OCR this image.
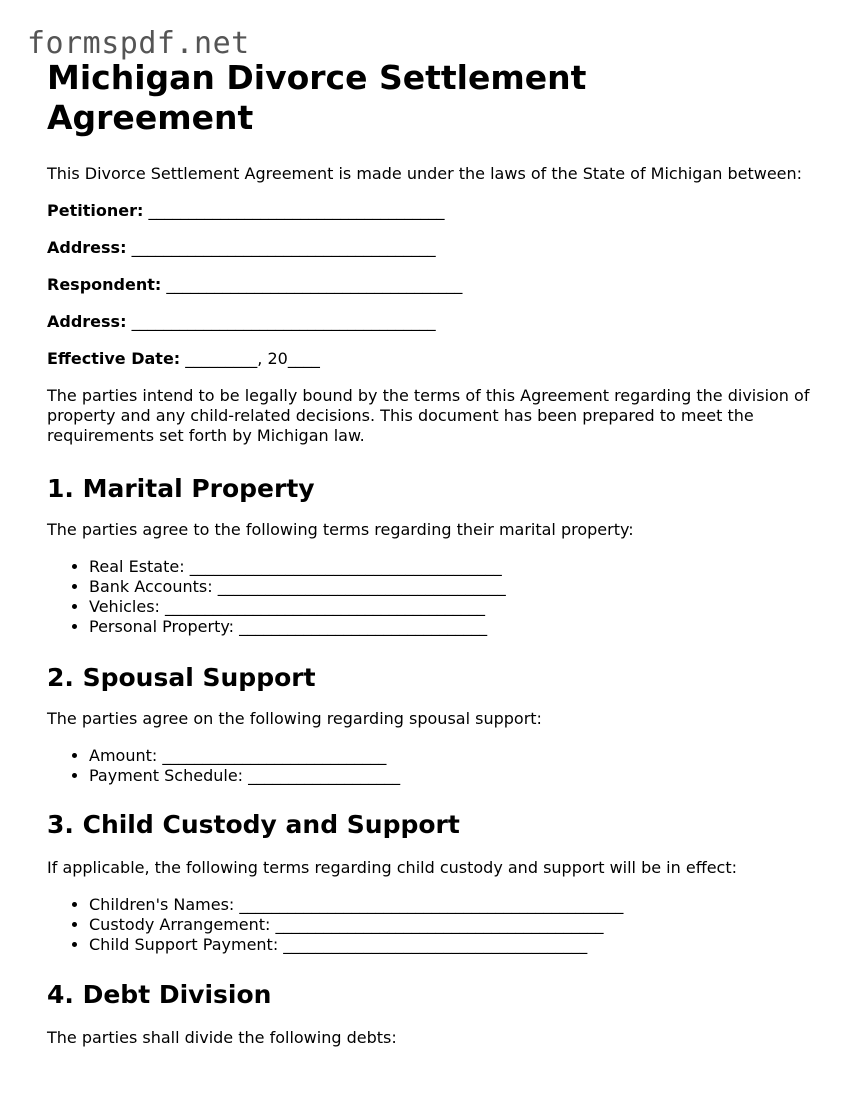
formspdf.net
Michigan Divorce Settlement Agreement

This Divorce Settlement Agreement is made under the laws of the State of Michigan between:

Petitioner: _____________________________________

Address: ______________________________________

Respondent: _____________________________________

Address: ______________________________________

Effective Date: _________, 20____

The parties intend to be legally bound by the terms of this Agreement regarding the division of property and any child-related decisions. This document has been prepared to meet the requirements set forth by Michigan law.

1. Marital Property

The parties agree to the following terms regarding their marital property:

• Real Estate: _______________________________________
• Bank Accounts: ____________________________________
• Vehicles: ________________________________________
• Personal Property: _______________________________
2. Spousal Support

The parties agree on the following regarding spousal support:

• Amount: ____________________________
• Payment Schedule: ___________________
3. Child Custody and Support

If applicable, the following terms regarding child custody and support will be in effect:

• Children's Names: ________________________________________________
• Custody Arrangement: _________________________________________
• Child Support Payment: ______________________________________
4. Debt Division

The parties shall divide the following debts:
